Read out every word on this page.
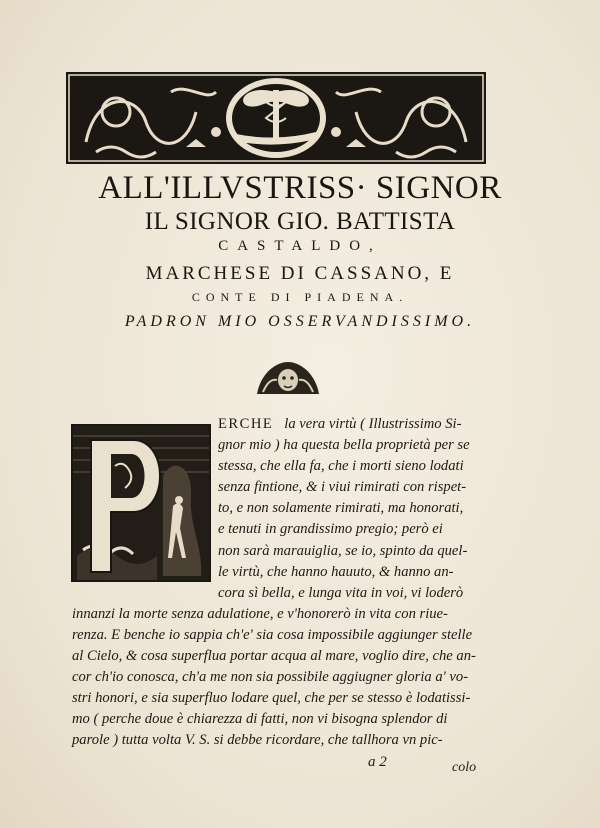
ALL'ILLVSTRISS· SIGNOR
IL SIGNOR GIO. BATTISTA
CASTALDO,
MARCHESE DI CASSANO, E
CONTE DI PIADENA.
PADRON MIO OSSERVANDISSIMO.
ERCHE la vera virtù ( Illustrissimo Si-
gnor mio ) ha questa bella proprietà per se
stessa, che ella fa, che i morti sieno lodati
senza fintione, & i viui rimirati con rispet-
to, e non solamente rimirati, ma honorati,
e tenuti in grandissimo pregio; però ei
non sarà marauiglia, se io, spinto da quel-
le virtù, che hanno hauuto, & hanno an-
cora sì bella, e lunga vita in voi, vi loderò
innanzi la morte senza adulatione, e v'honorerò in vita con riue-
renza. E benche io sappia ch'e' sia cosa impossibile aggiunger stelle
al Cielo, & cosa superflua portar acqua al mare, voglio dire, che an-
cor ch'io conosca, ch'a me non sia possibile aggiugner gloria a' vo-
stri honori, e sia superfluo lodare quel, che per se stesso è lodatissi-
mo ( perche doue è chiarezza di fatti, non vi bisogna splendor di
parole ) tutta volta V. S. si debbe ricordare, che tallhora vn pic-
a 2	colo
